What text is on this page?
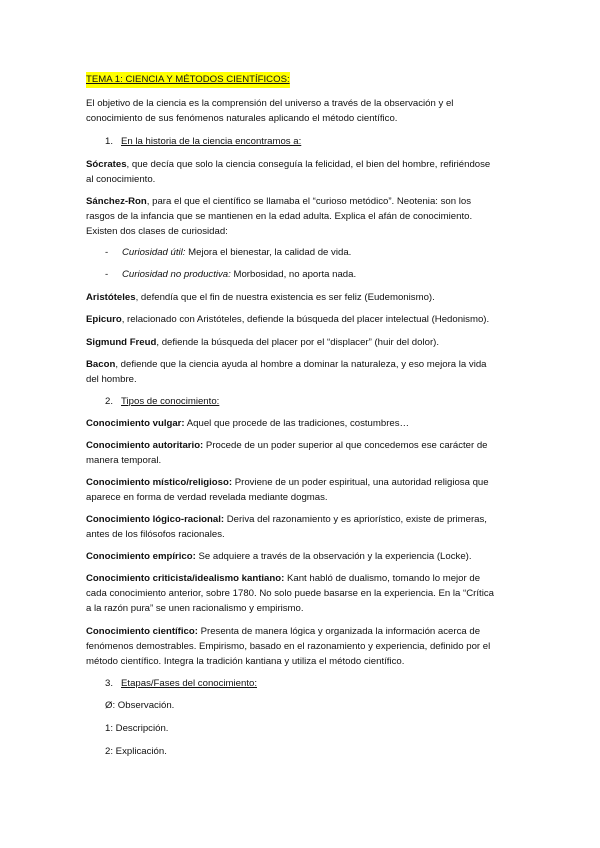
TEMA 1: CIENCIA Y MÉTODOS CIENTÍFICOS:

El objetivo de la ciencia es la comprensión del universo a través de la observación y el

conocimiento de sus fenómenos naturales aplicando el método científico.

1. En la historia de la ciencia encontramos a:

Sócrates, que decía que solo la ciencia conseguía la felicidad, el bien del hombre, refiriéndose

al conocimiento.

Sánchez-Ron, para el que el científico se llamaba el “curioso metódico”. Neotenia: son los

rasgos de la infancia que se mantienen en la edad adulta. Explica el afán de conocimiento.

Existen dos clases de curiosidad:

- Curiosidad útil: Mejora el bienestar, la calidad de vida.

- Curiosidad no productiva: Morbosidad, no aporta nada.

Aristóteles, defendía que el fin de nuestra existencia es ser feliz (Eudemonismo).

Epicuro, relacionado con Aristóteles, defiende la búsqueda del placer intelectual (Hedonismo).

Sigmund Freud, defiende la búsqueda del placer por el “displacer” (huir del dolor).

Bacon, defiende que la ciencia ayuda al hombre a dominar la naturaleza, y eso mejora la vida

del hombre.

2. Tipos de conocimiento:

Conocimiento vulgar: Aquel que procede de las tradiciones, costumbres…

Conocimiento autoritario: Procede de un poder superior al que concedemos ese carácter de

manera temporal.

Conocimiento místico/religioso: Proviene de un poder espiritual, una autoridad religiosa que

aparece en forma de verdad revelada mediante dogmas.

Conocimiento lógico-racional: Deriva del razonamiento y es apriorístico, existe de primeras,

antes de los filósofos racionales.

Conocimiento empírico: Se adquiere a través de la observación y la experiencia (Locke).

Conocimiento criticista/idealismo kantiano: Kant habló de dualismo, tomando lo mejor de

cada conocimiento anterior, sobre 1780. No solo puede basarse en la experiencia. En la “Crítica

a la razón pura” se unen racionalismo y empirismo.

Conocimiento científico: Presenta de manera lógica y organizada la información acerca de

fenómenos demostrables. Empirismo, basado en el razonamiento y experiencia, definido por el

método científico. Integra la tradición kantiana y utiliza el método científico.

3. Etapas/Fases del conocimiento:

Ø: Observación.

1: Descripción.

2: Explicación.
